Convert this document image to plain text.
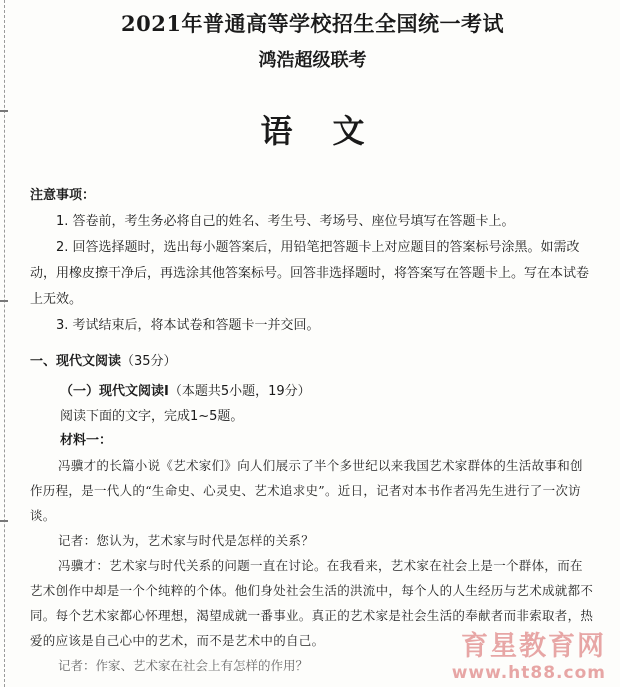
2021年普通高等学校招生全国统一考试
鸿浩超级联考
语文
注意事项：

1. 答卷前，考生务必将自己的姓名、考生号、考场号、座位号填写在答题卡上。

2. 回答选择题时，选出每小题答案后，用铅笔把答题卡上对应题目的答案标号涂黑。如需改动，用橡皮擦干净后，再选涂其他答案标号。回答非选择题时，将答案写在答题卡上。写在本试卷上无效。

3. 考试结束后，将本试卷和答题卡一并交回。

一、现代文阅读（35分）
（一）现代文阅读Ⅰ（本题共5小题，19分）
阅读下面的文字，完成1~5题。
材料一：

冯骥才的长篇小说《艺术家们》向人们展示了半个多世纪以来我国艺术家群体的生活故事和创作历程，是一代人的“生命史、心灵史、艺术追求史”。近日，记者对本书作者冯先生进行了一次访谈。

记者：您认为，艺术家与时代是怎样的关系？

冯骥才：艺术家与时代关系的问题一直在讨论。在我看来，艺术家在社会上是一个群体，而在艺术创作中却是一个个纯粹的个体。他们身处社会生活的洪流中，每个人的人生经历与艺术成就都不同。每个艺术家都心怀理想，渴望成就一番事业。真正的艺术家是社会生活的奉献者而非索取者，热爱的应该是自己心中的艺术，而不是艺术中的自己。

记者：作家、艺术家在社会上有怎样的作用？

育星教育网
www.ht88.com
